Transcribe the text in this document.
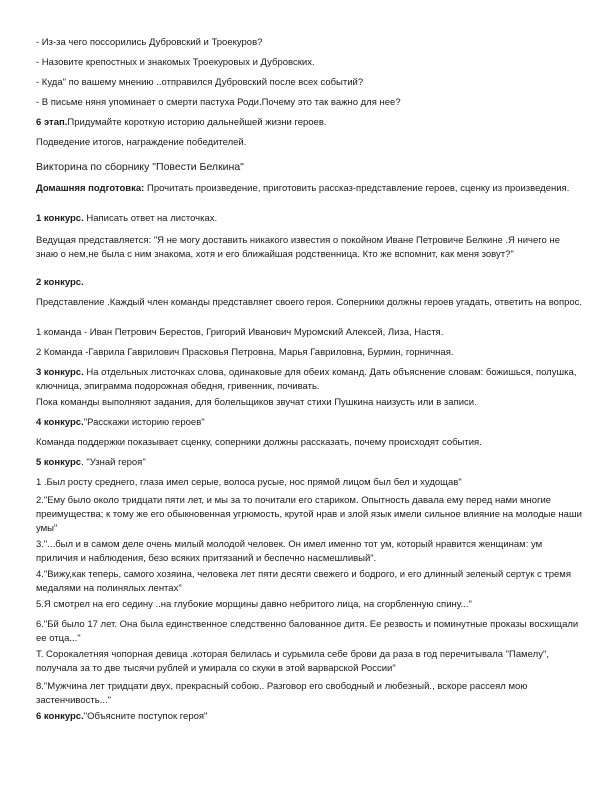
- Из-за чего поссорились Дубровский и Троекуров?

- Назовите крепостных и знакомых Троекуровых и Дубровских.

- Куда" по вашему мнению ..отправился Дубровский после всех событий?

- В письме няня упоминает о смерти пастуха Роди.Почему это так важно для нее?

6 этап.Придумайте короткую историю дальнейшей жизни героев.

Подведение итогов, награждение победителей.

Викторина по сборнику "Повести Белкина"

Домашняя подготовка: Прочитать произведение, приготовить рассказ-представление героев, сценку из произведения.

1 конкурс. Написать ответ на листочках.

Ведущая представляется: "Я не могу доставить никакого известия о покойном Иване Петровиче Белкине .Я ничего не знаю о нем,не была с ним знакома, хотя и его ближайшая родственница. Кто же вспомнит, как меня зовут?"

2 конкурс.

Представление .Каждый член команды представляет своего героя. Соперники должны героев угадать, ответить на вопрос.

1 команда - Иван Петрович Берестов, Григорий Иванович Муромский Алексей, Лиза, Настя.

2 Команда -Гаврила Гаврилович Прасковья Петровна, Марья Гавриловна, Бурмин, горничная.

3 конкурс. На отдельных листочках слова, одинаковые для обеих команд. Дать объяснение словам: божишься, полушка, ключница, эпиграмма подорожная обедня, гривенник, почивать.

Пока команды выполняют задания, для болельщиков звучат стихи Пушкина наизусть или в записи.

4 конкурс."Расскажи историю героев"

Команда поддержки показывает сценку, соперники должны рассказать, почему происходят события.

5 конкурс. "Узнай героя"

1 .Был росту среднего, глаза имел серые, волоса русые, нос прямой лицом был бел и худощав"

2."Ему было около тридцати пяти лет, и мы за то почитали его стариком. Опытность давала ему перед нами многие преимущества; к тому же его обыкновенная угрюмость, крутой нрав и злой язык имели сильное влияние на молодые наши умы"

3."...был и в самом деле очень милый молодой человек. Он имел именно тот ум, который нравится женщинам: ум приличия и наблюдения, безо всяких притязаний и беспечно насмешливый".

4."Вижу,как теперь, самого хозяина, человека лет пяти десяти свежего и бодрого, и его длинный зеленый сертук с тремя медалями на полинялых лентах"

5.Я смотрел на его седину ..на глубокие морщины давно небритого лица, на сгорбленную спину..."

6."Бй было 17 лет. Она была единственное следственно балованное дитя. Ее резвость и поминутные проказы восхищали ее отца..."

Т. Сорокалетняя чопорная девица .которая белилась и сурьмила себе брови да раза в год перечитывала "Памелу", получала за то две тысячи рублей и умирала со скуки в этой варварской России"

8."Мужчина лет тридцати двух, прекрасный собою.. Разговор его свободный и любезный., вскоре рассеял мою застенчивость..."

6 конкурс."Объясните поступок героя"
